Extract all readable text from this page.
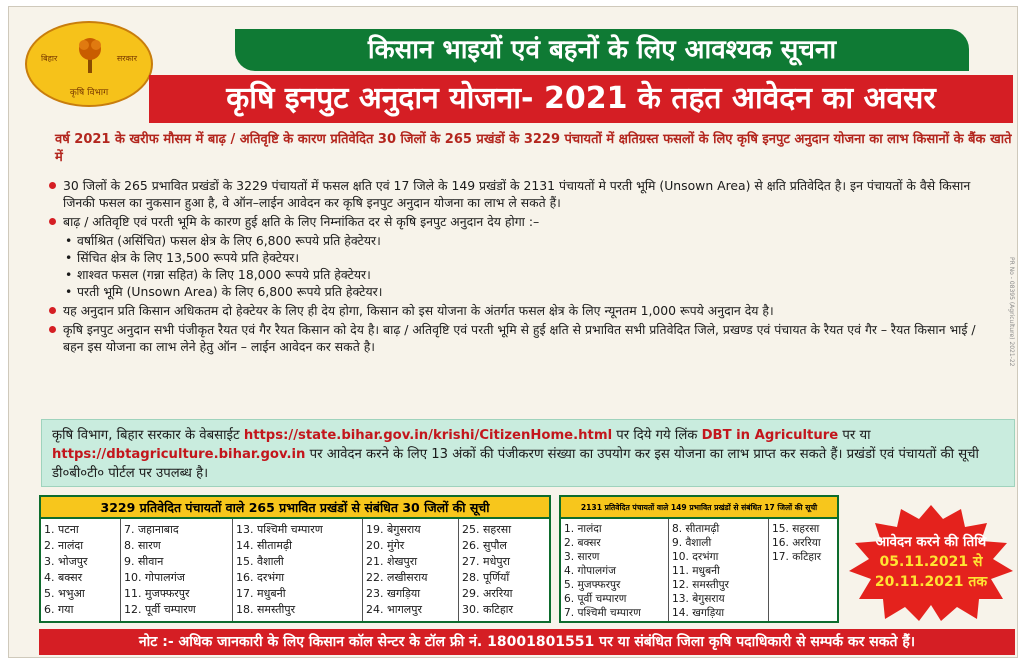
बिहार	सरकार
कृषि विभाग
किसान भाइयों एवं बहनों के लिए आवश्यक सूचना
कृषि इनपुट अनुदान योजना- 2021 के तहत आवेदन का अवसर
वर्ष 2021 के खरीफ मौसम में बाढ़ / अतिवृष्टि के कारण प्रतिवेदित 30 जिलों के 265 प्रखंडों के 3229 पंचायतों में क्षतिग्रस्त फसलों के लिए कृषि इनपुट अनुदान योजना का लाभ किसानों के बैंक खाते में
30 जिलों के 265 प्रभावित प्रखंडों के 3229 पंचायतों में फसल क्षति एवं 17 जिले के 149 प्रखंडों के 2131 पंचायतों मे परती भूमि (Unsown Area) से क्षति प्रतिवेदित है। इन पंचायतों के वैसे किसान जिनकी फसल का नुकसान हुआ है, वे ऑन–लाईन आवेदन कर कृषि इनपुट अनुदान योजना का लाभ ले सकते हैं।
बाढ़ / अतिवृष्टि एवं परती भूमि के कारण हुई क्षति के लिए निम्नांकित दर से कृषि इनपुट अनुदान देय होगा :–
• वर्षाश्रित (असिंचित) फसल क्षेत्र के लिए 6,800 रूपये प्रति हेक्टेयर।
• सिंचित क्षेत्र के लिए 13,500 रूपये प्रति हेक्टेयर।
• शाश्वत फसल (गन्ना सहित) के लिए 18,000 रूपये प्रति हेक्टेयर।
• परती भूमि (Unsown Area) के लिए 6,800 रूपये प्रति हेक्टेयर।
यह अनुदान प्रति किसान अधिकतम दो हेक्टेयर के लिए ही देय होगा, किसान को इस योजना के अंतर्गत फसल क्षेत्र के लिए न्यूनतम 1,000 रूपये अनुदान देय है।
कृषि इनपुट अनुदान सभी पंजीकृत रैयत एवं गैर रैयत किसान को देय है। बाढ़ / अतिवृष्टि एवं परती भूमि से हुई क्षति से प्रभावित सभी प्रतिवेदित जिले, प्रखण्ड एवं पंचायत के रैयत एवं गैर – रैयत किसान भाई / बहन इस योजना का लाभ लेने हेतु ऑन – लाईन आवेदन कर सकते है।	PR No - 08395 (Agriculture) 2021-22
कृषि विभाग, बिहार सरकार के वेबसाईट https://state.bihar.gov.in/krishi/CitizenHome.html पर दिये गये लिंक DBT in Agriculture पर या https://dbtagriculture.bihar.gov.in पर आवेदन करने के लिए 13 अंकों की पंजीकरण संख्या का उपयोग कर इस योजना का लाभ प्राप्त कर सकते हैं। प्रखंडों एवं पंचायतों की सूची डी०बी०टी० पोर्टल पर उपलब्ध है।
3229 प्रतिवेदित पंचायतों वाले 265 प्रभावित प्रखंडों से संबंधित 30 जिलों की सूची
1. पटना
2. नालंदा
3. भोजपुर
4. बक्सर
5. भभुआ
6. गया
7. जहानाबाद
8. सारण
9. सीवान
10. गोपालगंज
11. मुजफ्फरपुर
12. पूर्वी चम्पारण
13. पश्चिमी चम्पारण
14. सीतामढ़ी
15. वैशाली
16. दरभंगा
17. मधुबनी
18. समस्तीपुर
19. बेगुसराय
20. मुंगेर
21. शेखपुरा
22. लखीसराय
23. खगड़िया
24. भागलपुर
25. सहरसा
26. सुपौल
27. मधेपुरा
28. पूर्णियाँ
29. अररिया
30. कटिहार
2131 प्रतिवेदित पंचायतों वाले 149 प्रभावित प्रखंडों से संबंधित 17 जिलों की सूची
1. नालंदा
2. बक्सर
3. सारण
4. गोपालगंज
5. मुजफ्फरपुर
6. पूर्वी चम्पारण
7. पश्चिमी चम्पारण
8. सीतामढ़ी
9. वैशाली
10. दरभंगा
11. मधुबनी
12. समस्तीपुर
13. बेगुसराय
14. खगड़िया
15. सहरसा
16. अररिया
17. कटिहार
आवेदन करने की तिथि
05.11.2021 से
20.11.2021 तक
नोट :- अधिक जानकारी के लिए किसान कॉल सेन्टर के टॉल फ्री नं. 18001801551 पर या संबंधित जिला कृषि पदाधिकारी से सम्पर्क कर सकते हैं।
